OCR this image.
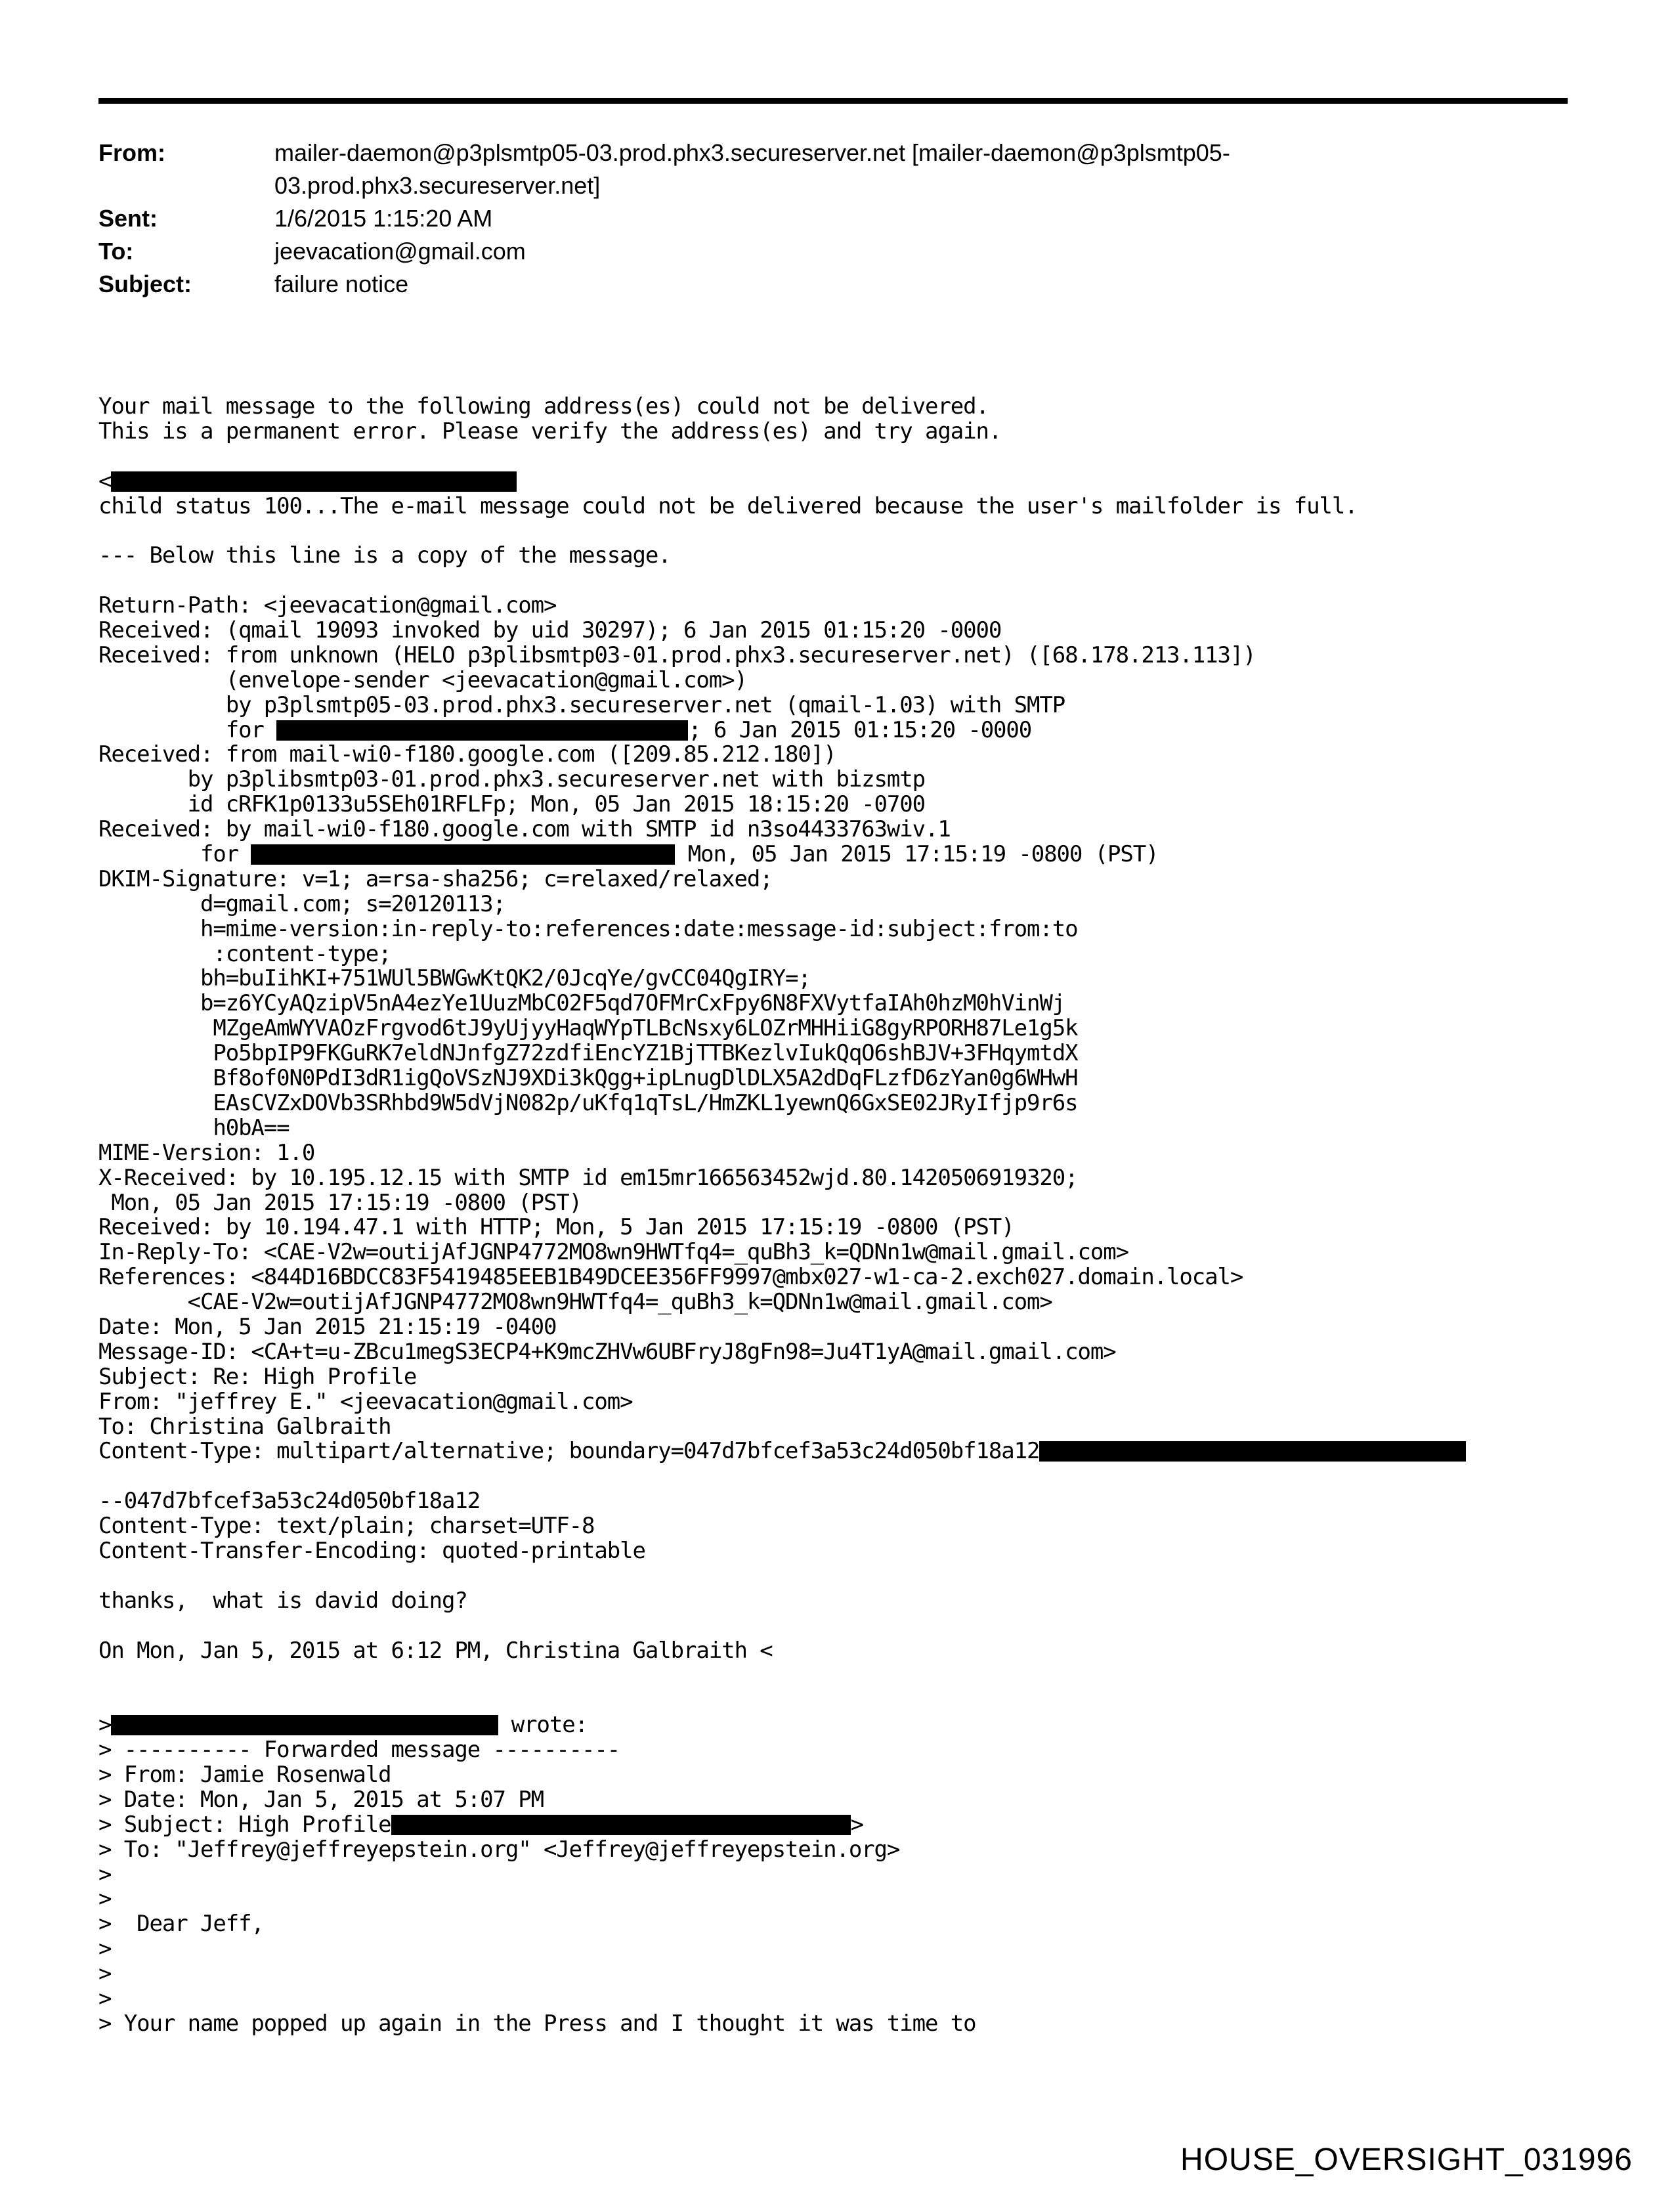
From:	mailer-daemon@p3plsmtp05-03.prod.phx3.secureserver.net [mailer-daemon@p3plsmtp05-03.prod.phx3.secureserver.net]
Sent:	1/6/2015 1:15:20 AM
To:	jeevacation@gmail.com
Subject:	failure notice
Your mail message to the following address(es) could not be delivered.
This is a permanent error. Please verify the address(es) and try again.
<
child status 100...The e-mail message could not be delivered because the user's mailfolder is full.
--- Below this line is a copy of the message.
Return-Path: <jeevacation@gmail.com>
Received: (qmail 19093 invoked by uid 30297); 6 Jan 2015 01:15:20 -0000
Received: from unknown (HELO p3plibsmtp03-01.prod.phx3.secureserver.net) ([68.178.213.113])
(envelope-sender <jeevacation@gmail.com>)
by p3plsmtp05-03.prod.phx3.secureserver.net (qmail-1.03) with SMTP
for	; 6 Jan 2015 01:15:20 -0000
Received: from mail-wi0-f180.google.com ([209.85.212.180])
by p3plibsmtp03-01.prod.phx3.secureserver.net with bizsmtp
id cRFK1p0133u5SEh01RFLFp; Mon, 05 Jan 2015 18:15:20 -0700
Received: by mail-wi0-f180.google.com with SMTP id n3so4433763wiv.1
for	Mon, 05 Jan 2015 17:15:19 -0800 (PST)
DKIM-Signature: v=1; a=rsa-sha256; c=relaxed/relaxed;
d=gmail.com; s=20120113;
h=mime-version:in-reply-to:references:date:message-id:subject:from:to
:content-type;
bh=buIihKI+751WUl5BWGwKtQK2/0JcqYe/gvCC04QgIRY=;
b=z6YCyAQzipV5nA4ezYe1UuzMbC02F5qd7OFMrCxFpy6N8FXVytfaIAh0hzM0hVinWj
MZgeAmWYVAOzFrgvod6tJ9yUjyyHaqWYpTLBcNsxy6LOZrMHHiiG8gyRPORH87Le1g5k
Po5bpIP9FKGuRK7eldNJnfgZ72zdfiEncYZ1BjTTBKezlvIukQqO6shBJV+3FHqymtdX
Bf8of0N0PdI3dR1igQoVSzNJ9XDi3kQgg+ipLnugDlDLX5A2dDqFLzfD6zYan0g6WHwH
EAsCVZxDOVb3SRhbd9W5dVjN082p/uKfq1qTsL/HmZKL1yewnQ6GxSE02JRyIfjp9r6s
h0bA==
MIME-Version: 1.0
X-Received: by 10.195.12.15 with SMTP id em15mr166563452wjd.80.1420506919320;
Mon, 05 Jan 2015 17:15:19 -0800 (PST)
Received: by 10.194.47.1 with HTTP; Mon, 5 Jan 2015 17:15:19 -0800 (PST)
In-Reply-To: <CAE-V2w=outijAfJGNP4772MO8wn9HWTfq4=_quBh3_k=QDNn1w@mail.gmail.com>
References: <844D16BDCC83F5419485EEB1B49DCEE356FF9997@mbx027-w1-ca-2.exch027.domain.local>
<CAE-V2w=outijAfJGNP4772MO8wn9HWTfq4=_quBh3_k=QDNn1w@mail.gmail.com>
Date: Mon, 5 Jan 2015 21:15:19 -0400
Message-ID: <CA+t=u-ZBcu1megS3ECP4+K9mcZHVw6UBFryJ8gFn98=Ju4T1yA@mail.gmail.com>
Subject: Re: High Profile
From: "jeffrey E." <jeevacation@gmail.com>
To: Christina Galbraith
Content-Type: multipart/alternative; boundary=047d7bfcef3a53c24d050bf18a12
--047d7bfcef3a53c24d050bf18a12
Content-Type: text/plain; charset=UTF-8
Content-Transfer-Encoding: quoted-printable
thanks,  what is david doing?
On Mon, Jan 5, 2015 at 6:12 PM, Christina Galbraith <
>	wrote:
> ---------- Forwarded message ----------
> From: Jamie Rosenwald
> Date: Mon, Jan 5, 2015 at 5:07 PM
> Subject: High Profile	>
> To: "Jeffrey@jeffreyepstein.org" <Jeffrey@jeffreyepstein.org>
>
>
>  Dear Jeff,
>
>
>
> Your name popped up again in the Press and I thought it was time to
HOUSE_OVERSIGHT_031996
